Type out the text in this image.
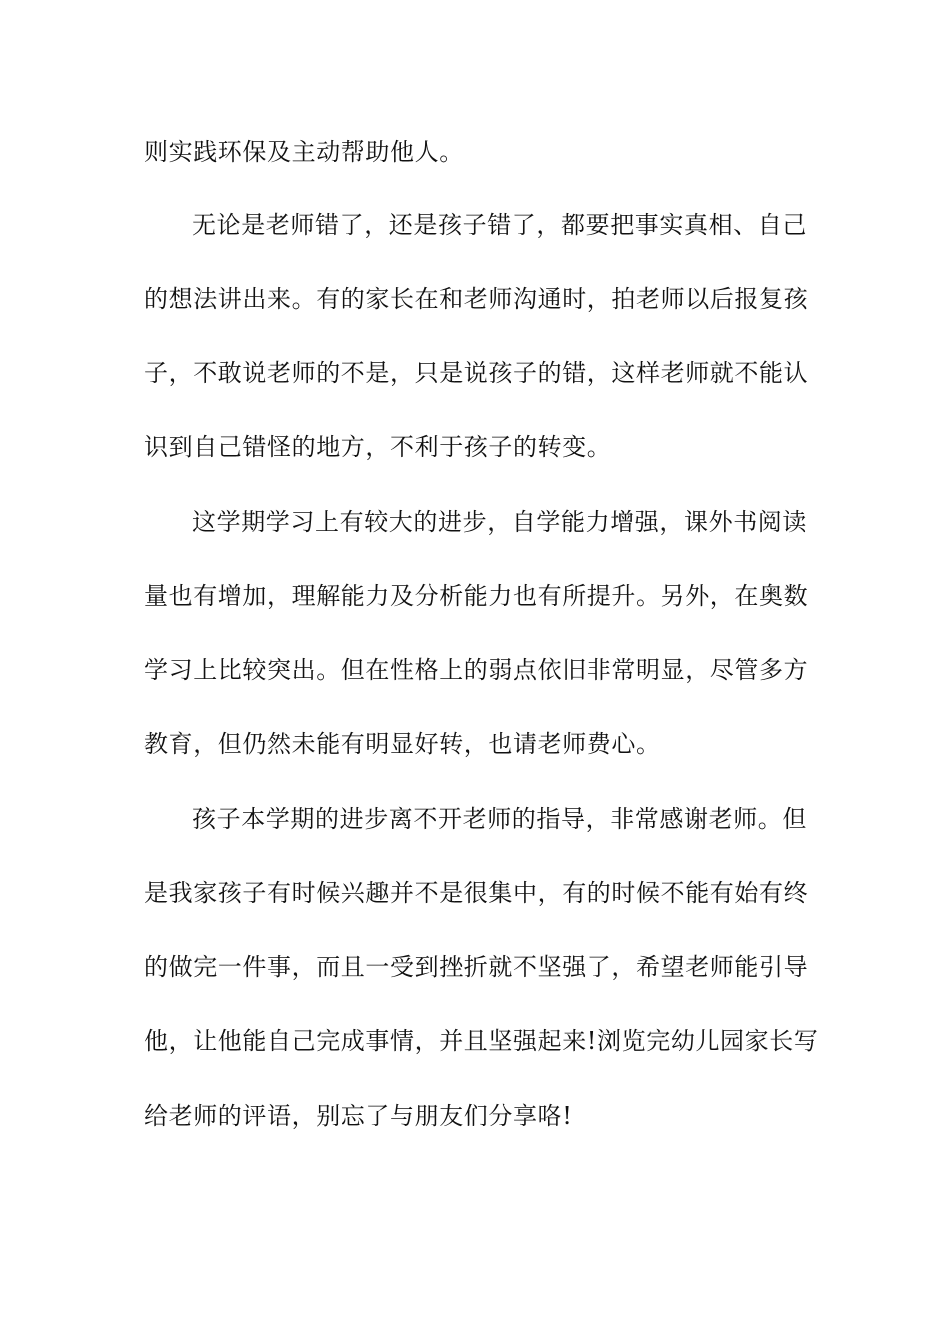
则实践环保及主动帮助他人。
无论是老师错了，还是孩子错了，都要把事实真相、自己
的想法讲出来。有的家长在和老师沟通时，拍老师以后报复孩
子，不敢说老师的不是，只是说孩子的错，这样老师就不能认
识到自己错怪的地方，不利于孩子的转变。
这学期学习上有较大的进步，自学能力增强，课外书阅读
量也有增加，理解能力及分析能力也有所提升。另外，在奥数
学习上比较突出。但在性格上的弱点依旧非常明显，尽管多方
教育，但仍然未能有明显好转，也请老师费心。
孩子本学期的进步离不开老师的指导，非常感谢老师。但
是我家孩子有时候兴趣并不是很集中，有的时候不能有始有终
的做完一件事，而且一受到挫折就不坚强了，希望老师能引导
他，让他能自己完成事情，并且坚强起来!浏览完幼儿园家长写
给老师的评语，别忘了与朋友们分享咯!
